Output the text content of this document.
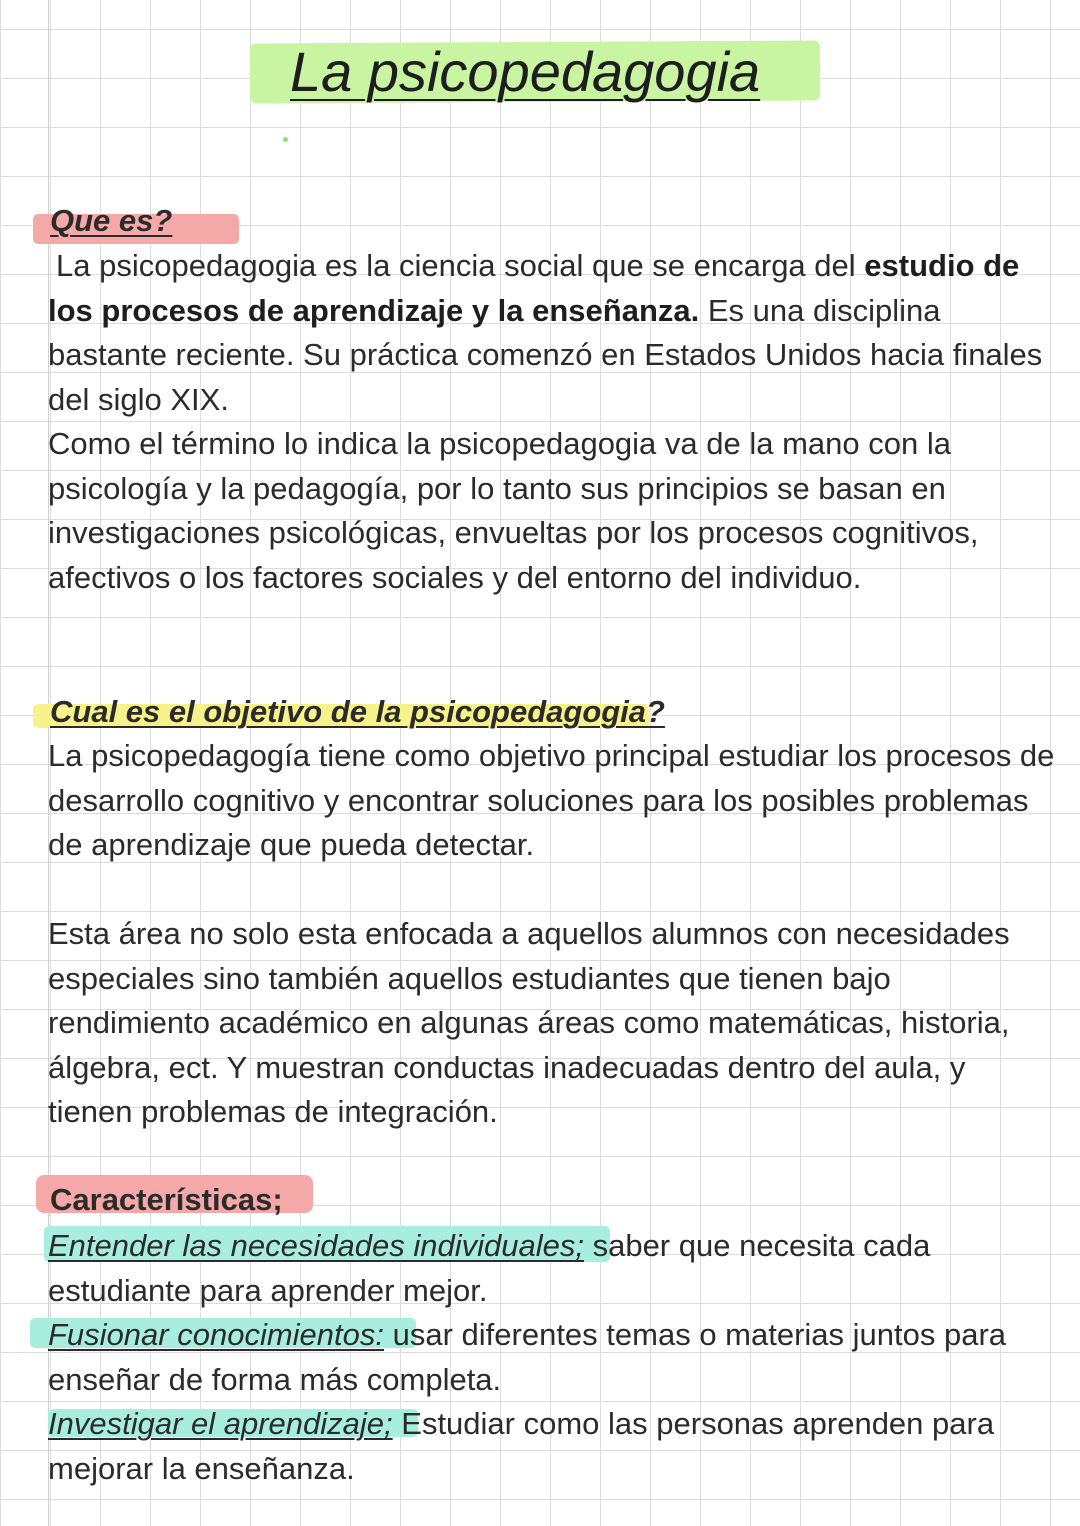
La psicopedagogia
Que es?

La psicopedagogia es la ciencia social que se encarga del estudio de los procesos de aprendizaje y la enseñanza. Es una disciplina bastante reciente. Su práctica comenzó en Estados Unidos hacia finales del siglo XIX.

Como el término lo indica la psicopedagogia va de la mano con la psicología y la pedagogía, por lo tanto sus principios se basan en investigaciones psicológicas, envueltas por los procesos cognitivos, afectivos o los factores sociales y del entorno del individuo.

Cual es el objetivo de la psicopedagogia?

La psicopedagogía tiene como objetivo principal estudiar los procesos de desarrollo cognitivo y encontrar soluciones para los posibles problemas de aprendizaje que pueda detectar.

Esta área no solo esta enfocada a aquellos alumnos con necesidades especiales sino también aquellos estudiantes que tienen bajo rendimiento académico en algunas áreas como matemáticas, historia, álgebra, ect. Y muestran conductas inadecuadas dentro del aula, y tienen problemas de integración.

Características;

Entender las necesidades individuales; saber que necesita cada estudiante para aprender mejor.

Fusionar conocimientos: usar diferentes temas o materias juntos para enseñar de forma más completa.

Investigar el aprendizaje; Estudiar como las personas aprenden para mejorar la enseñanza.
